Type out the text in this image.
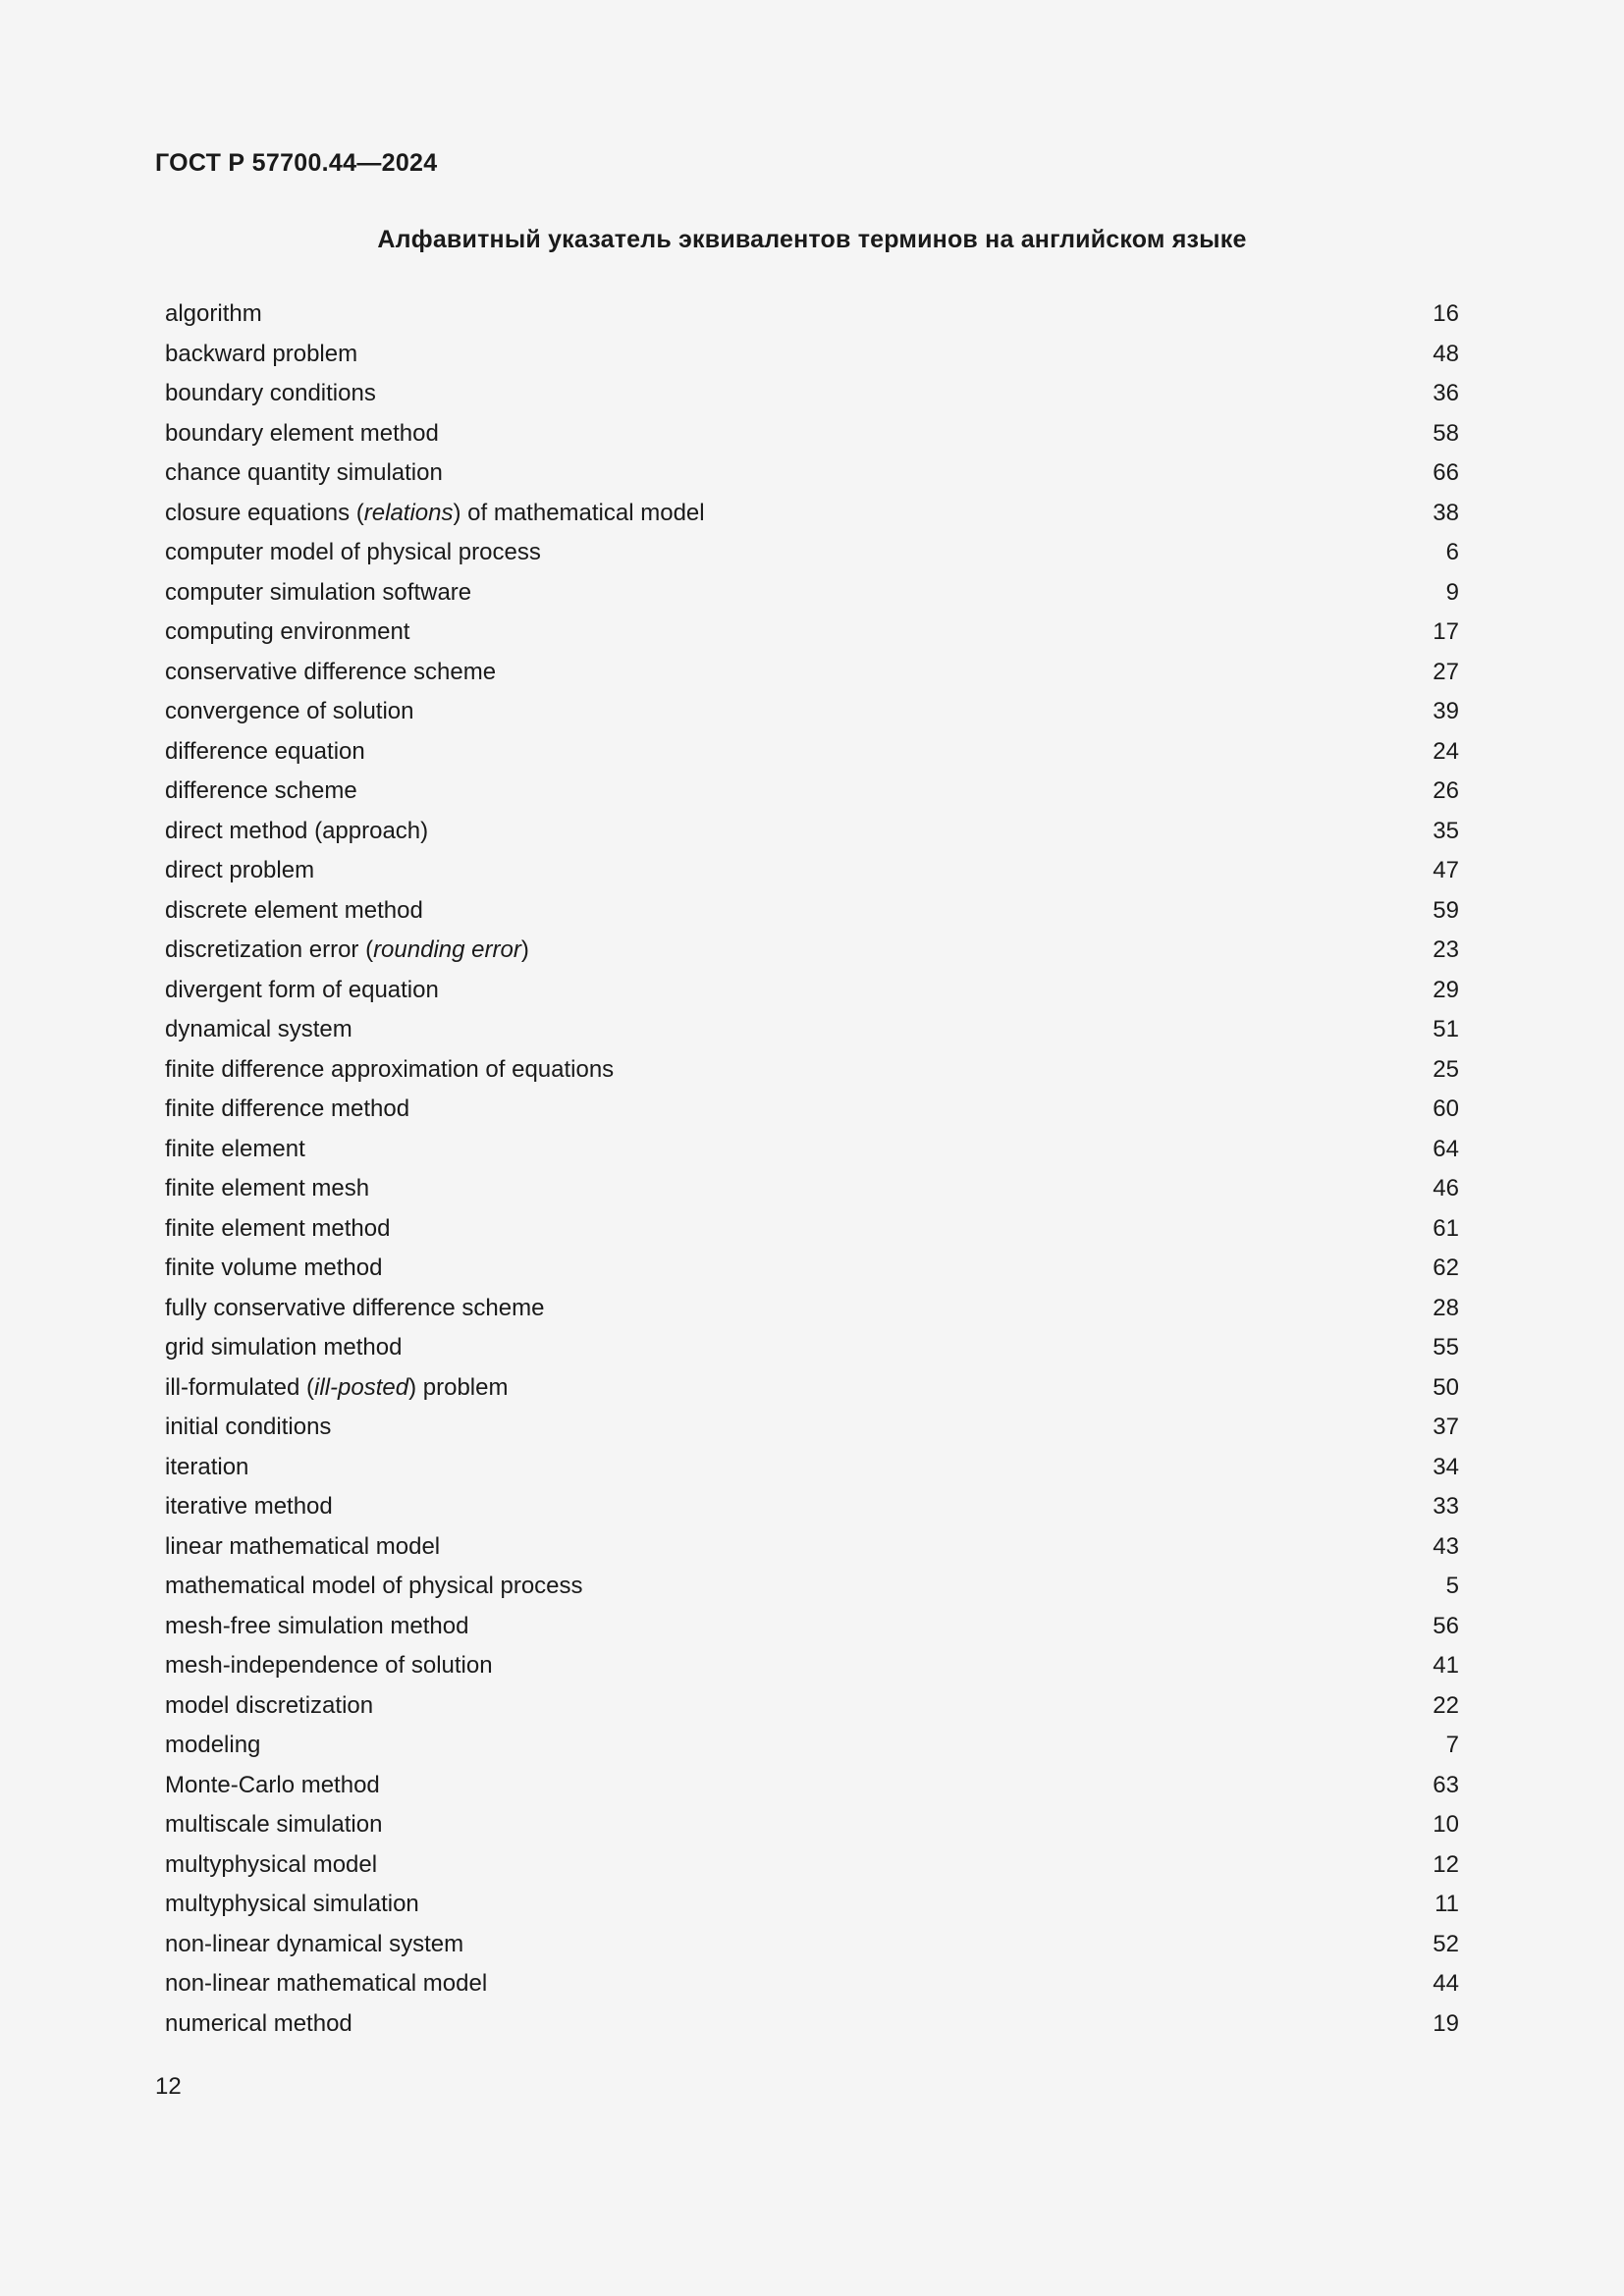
ГОСТ Р 57700.44—2024
Алфавитный указатель эквивалентов терминов на английском языке
algorithm	16
backward problem	48
boundary conditions	36
boundary element method	58
chance quantity simulation	66
closure equations (relations) of mathematical model	38
computer model of physical process	6
computer simulation software	9
computing environment	17
conservative difference scheme	27
convergence of solution	39
difference equation	24
difference scheme	26
direct method (approach)	35
direct problem	47
discrete element method	59
discretization error (rounding error)	23
divergent form of equation	29
dynamical system	51
finite difference approximation of equations	25
finite difference method	60
finite element	64
finite element mesh	46
finite element method	61
finite volume method	62
fully conservative difference scheme	28
grid simulation method	55
ill-formulated (ill-posted) problem	50
initial conditions	37
iteration	34
iterative method	33
linear mathematical model	43
mathematical model of physical process	5
mesh-free simulation method	56
mesh-independence of solution	41
model discretization	22
modeling	7
Monte-Carlo method	63
multiscale simulation	10
multyphysical model	12
multyphysical simulation	11
non-linear dynamical system	52
non-linear mathematical model	44
numerical method	19
12
